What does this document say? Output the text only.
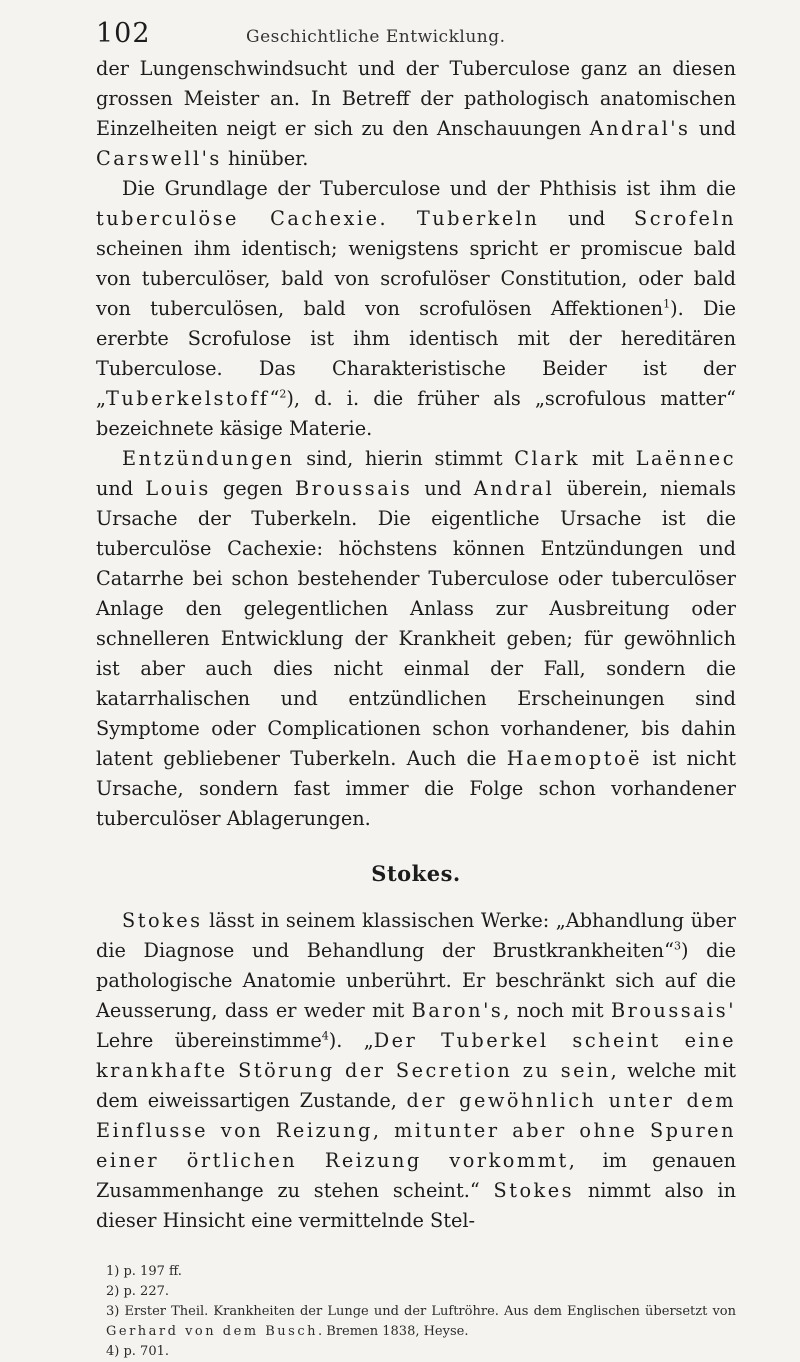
102	Geschichtliche Entwicklung.

der Lungenschwindsucht und der Tuberculose ganz an diesen grossen Meister an. In Betreff der pathologisch anatomischen Einzelheiten neigt er sich zu den Anschauungen Andral's und Carswell's hinüber.

Die Grundlage der Tuberculose und der Phthisis ist ihm die tuberculöse Cachexie. Tuberkeln und Scrofeln scheinen ihm identisch; wenigstens spricht er promiscue bald von tuberculöser, bald von scrofulöser Constitution, oder bald von tuberculösen, bald von scrofulösen Affektionen$^1$). Die ererbte Scrofulose ist ihm identisch mit der hereditären Tuberculose. Das Charakteristische Beider ist der „Tuberkelstoff“$^2$), d. i. die früher als „scrofulous matter“ bezeichnete käsige Materie.

Entzündungen sind, hierin stimmt Clark mit Laënnec und Louis gegen Broussais und Andral überein, niemals Ursache der Tuberkeln. Die eigentliche Ursache ist die tuberculöse Cachexie: höchstens können Entzündungen und Catarrhe bei schon bestehender Tuberculose oder tuberculöser Anlage den gelegentlichen Anlass zur Ausbreitung oder schnelleren Entwicklung der Krankheit geben; für gewöhnlich ist aber auch dies nicht einmal der Fall, sondern die katarrhalischen und entzündlichen Erscheinungen sind Symptome oder Complicationen schon vorhandener, bis dahin latent gebliebener Tuberkeln. Auch die Haemoptoë ist nicht Ursache, sondern fast immer die Folge schon vorhandener tuberculöser Ablagerungen.

Stokes.

Stokes lässt in seinem klassischen Werke: „Abhandlung über die Diagnose und Behandlung der Brustkrankheiten“$^3$) die pathologische Anatomie unberührt. Er beschränkt sich auf die Aeusserung, dass er weder mit Baron's, noch mit Broussais' Lehre übereinstimme$^4$). „Der Tuberkel scheint eine krankhafte Störung der Secretion zu sein, welche mit dem eiweissartigen Zustande, der gewöhnlich unter dem Einflusse von Reizung, mitunter aber ohne Spuren einer örtlichen Reizung vorkommt, im genauen Zusammenhange zu stehen scheint.“ Stokes nimmt also in dieser Hinsicht eine vermittelnde Stel-

1) p. 197 ff.
2) p. 227.
3) Erster Theil. Krankheiten der Lunge und der Luftröhre. Aus dem Englischen übersetzt von Gerhard von dem Busch. Bremen 1838, Heyse.
4) p. 701.
